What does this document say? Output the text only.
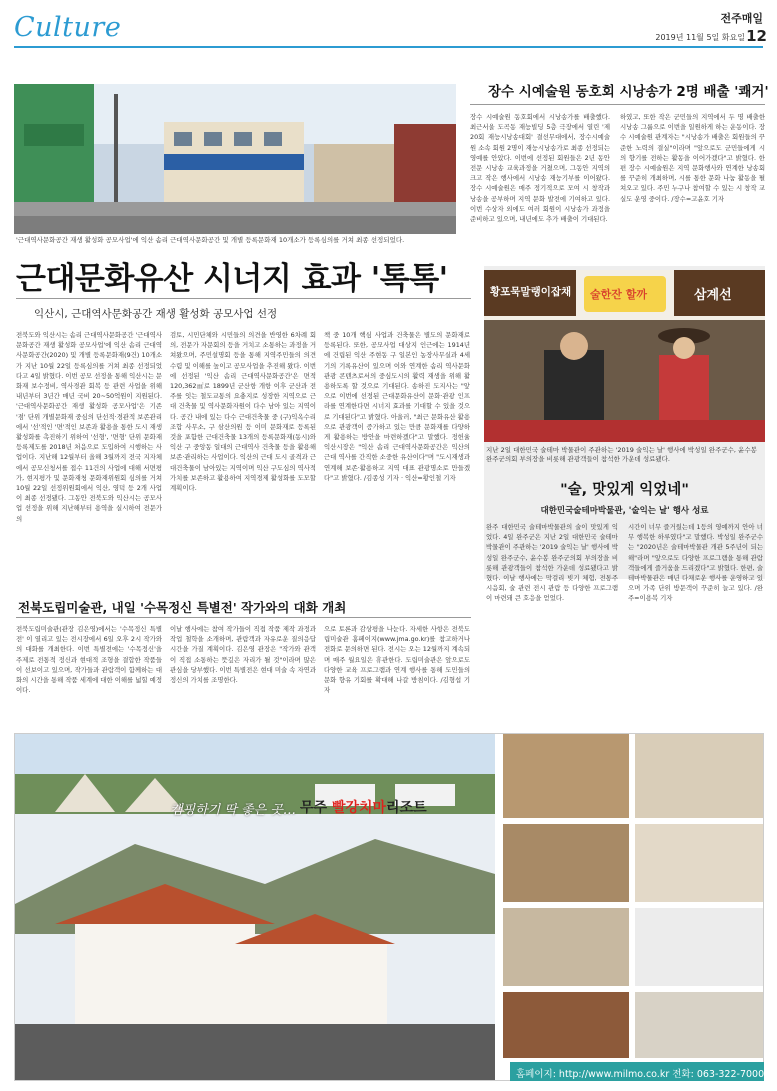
Culture	전주매일
2019년 11월 5일 화요일 12
'근대역사문화공간 재생 활성화 공모사업'에 익산 솜리 근대역사문화공간 및 개별 등록문화재 10개소가 등록심의를 거쳐 최종 선정되었다.
근대문화유산 시너지 효과 '톡톡'
익산시, 근대역사문화공간 재생 활성화 공모사업 선정
전북도와 익산시는 솜리 근대역사문화공간 '근대역사문화공간 재생 활성화 공모사업'에 익산 솜리 근대역사문화공간(2020) 및 개별 등록문화재(9건) 10개소가 지난 10월 22일 등록심의를 거쳐 최종 선정되었다고 4일 밝혔다. 이번 공모 선정을 통해 익산시는 문화재 보수정비, 역사경관 회복 등 관련 사업을 위해 내년부터 3년간 매년 국비 20~50억원이 지원된다. '근대역사문화공간 재생 활성화 공모사업'은 기존 '점' 단위 개별문화재 중심의 단선적·경관적 보존관리에서 '선'적인 '면'적인 보존과 활용을 통한 도시 재생 활성화를 촉진하기 위하여 '선형', '면형' 단위 문화재 등록제도를 2018년 처음으로 도입하여 시행하는 사업이다. 지난해 12월부터 올해 3월까지 전국 지자체에서 공모신청서를 접수 11건의 사업에 대해 서면평가, 현지평가 및 문화재청 문화재위원회 심의를 거쳐 10월 22일 선정위원회에서 익산, 영덕 등 2개 사업이 최종 선정됐다. 그동안 전북도와 익산시는 공모사업 선정을 위해 지난해부터 용역을 실시하여 전문가의
검토, 시민단체와 시민들의 의견을 반영한 6차례 회의, 전문가 자문회의 등을 거치고 소통하는 과정을 거쳐왔으며, 주민설명회 등을 통해 지역주민들의 의견수렴 및 이해를 높이고 공모사업을 추진해 왔다. 이번에 선정된 '익산 솜리 근대역사문화공간'은 면적 120,362㎡로 1899년 군산항 개항 이후 군산과 전주를 잇는 철도교통의 요충지로 성장한 지역으로 근대 건축물 및 역사문화자원이 다수 남아 있는 지역이다. 공간 내에 있는 다수 근대건축물 중 (구)익옥수리조합 사무소, 구 삼산의원 등 이미 문화재로 등록된 것을 포함한 근대건축물 13개의 등록문화재(동시)와 익산 구 중앙동 일대의 근대역사 건축물 등을 활용해 보존·관리하는 사업이다. 익산의 근대 도시 골격과 근대건축물이 남아있는 지역이며 익산 구도심의 역사적 가치를 보존하고 활용하여 지역경제 활성화를 도모할 계획이다.
책 중 10개 핵심 사업과 건축물은 별도의 문화재로 등록된다. 또한, 공모사업 대상지 인근에는 1914년에 건립된 익산 주현동 구 일본인 농장사무실과 4세기의 기록유산이 있으며 이와 연계한 솜리 역사문화관광 콘텐츠로서의 중심도시의 활력 재생을 위해 활용하도록 할 것으로 기대된다. 송하진 도지사는 "앞으로 이번에 선정된 근대문화유산이 문화·관광 인프라를 연계한다면 시너지 효과를 기대할 수 있을 것으로 기대된다"고 밝혔다. 아울러, "최근 문화유산 활용으로 관광객이 증가하고 있는 만큼 문화재를 다양하게 활용하는 방안을 마련하겠다"고 말했다. 정헌율 익산시장은 "익산 솜리 근대역사문화공간은 익산의 근대 역사를 간직한 소중한 유산이다"며 "도시재생과 연계해 보존·활용하고 지역 대표 관광명소로 만들겠다"고 밝혔다. /김종성 기자 · 익산=황인철 기자
장수 시예술원 동호회 시낭송가 2명 배출 '쾌거'
장수 시예술원 동호회에서 시낭송가를 배출했다. 최근서울 도곡동 재능빌딩 5층 극장에서 열린 '제20회 재능시낭송대회' 결선무대에서, 장수시예술원 소속 회원 2명이 재능시낭송가로 최종 선정되는 영예를 안았다. 이번에 선정된 회원들은 2년 동안 전문 시낭송 교육과정을 거쳤으며, 그동안 지역의 크고 작은 행사에서 시낭송 재능기부를 이어왔다. 장수 시예술원은 매주 정기적으로 모여 시 창작과 낭송을 공부하며 지역 문화 발전에 기여하고 있다. 이번 수상자 외에도 여러 회원이 시낭송가 과정을 준비하고 있으며, 내년에도 추가 배출이 기대된다.
하였고, 또한 작은 군민들의 지역에서 두 명 배출한 시낭송 그룹으로 이번을 일원하게 하는 운동이다. 장수 시예술원 관계자는 "시낭송가 배출은 회원들의 꾸준한 노력의 결실"이라며 "앞으로도 군민들에게 시의 향기를 전하는 활동을 이어가겠다"고 밝혔다. 한편 장수 시예술원은 지역 문화행사와 연계한 낭송회를 꾸준히 개최하며, 시를 통한 문화 나눔 활동을 펼쳐오고 있다. 주민 누구나 참여할 수 있는 시 창작 교실도 운영 중이다. /장수=고윤호 기자
황포묵말랭이잡채 술한잔 할까	삼계선
지난 2일 대한민국 술테마 박물관이 주관하는 '2019 술익는 날' 행사에 박성일 완주군수, 윤수봉 완주군의회 부의장을 비롯해 관광객들이 참석한 가운데 성료됐다.
"술, 맛있게 익었네"
대한민국술테마박물관, '술익는 날' 행사 성료
완주 대한민국 술테마박물관의 술이 맛있게 익었다. 4일 완주군은 지난 2일 대한민국 술테마박물관이 주관하는 '2019 술익는 날' 행사에 박성일 완주군수, 윤수봉 완주군의회 부의장을 비롯해 관광객들이 참석한 가운데 성료됐다고 밝혔다. 이날 행사에는 막걸리 빚기 체험, 전통주 시음회, 술 관련 전시 관람 등 다양한 프로그램이 마련돼 큰 호응을 얻었다.
시간이 너무 즐거웠는데 1등의 영예까지 안아 너무 행복한 하루였다"고 말했다. 박성일 완주군수는 "2020년은 술테마박물관 개관 5주년이 되는 해"라며 "앞으로도 다양한 프로그램을 통해 관람객들에게 즐거움을 드리겠다"고 밝혔다. 한편, 술테마박물관은 매년 다채로운 행사를 운영하고 있으며 가족 단위 방문객이 꾸준히 늘고 있다. /완주=이용복 기자
전북도립미술관, 내일 '수목정신 특별전' 작가와의 대화 개최
전북도립미술관(관장 김은영)에서는 '수목정신 특별전' 이 열리고 있는 전시장에서 6일 오후 2시 작가와의 대화를 개최한다. 이번 특별전에는 '수목정신'을 주제로 전통적 정신과 현대적 조형을 결합한 작품들이 선보이고 있으며, 작가들과 관람객이 함께하는 대화의 시간을 통해 작품 세계에 대한 이해를 넓힐 예정이다.
이날 행사에는 참여 작가들이 직접 작품 제작 과정과 작업 철학을 소개하며, 관람객과 자유로운 질의응답 시간을 가질 계획이다. 김은영 관장은 "작가와 관객이 직접 소통하는 뜻깊은 자리가 될 것"이라며 많은 관심을 당부했다. 이번 특별전은 현대 미술 속 자연과 정신의 가치를 조명한다.
으로 토론과 감상평을 나눈다. 자세한 사항은 전북도립미술관 홈페이지(www.jma.go.kr)를 참고하거나 전화로 문의하면 된다. 전시는 오는 12월까지 계속되며 매주 월요일은 휴관한다. 도립미술관은 앞으로도 다양한 교육 프로그램과 연계 행사를 통해 도민들의 문화 향유 기회를 확대해 나갈 방침이다. /김형섭 기자
캠핑하기 딱 좋은 곳… 무주 빨강치마리조트
홈페이지: http://www.milmo.co.kr 전화: 063-322-7000
